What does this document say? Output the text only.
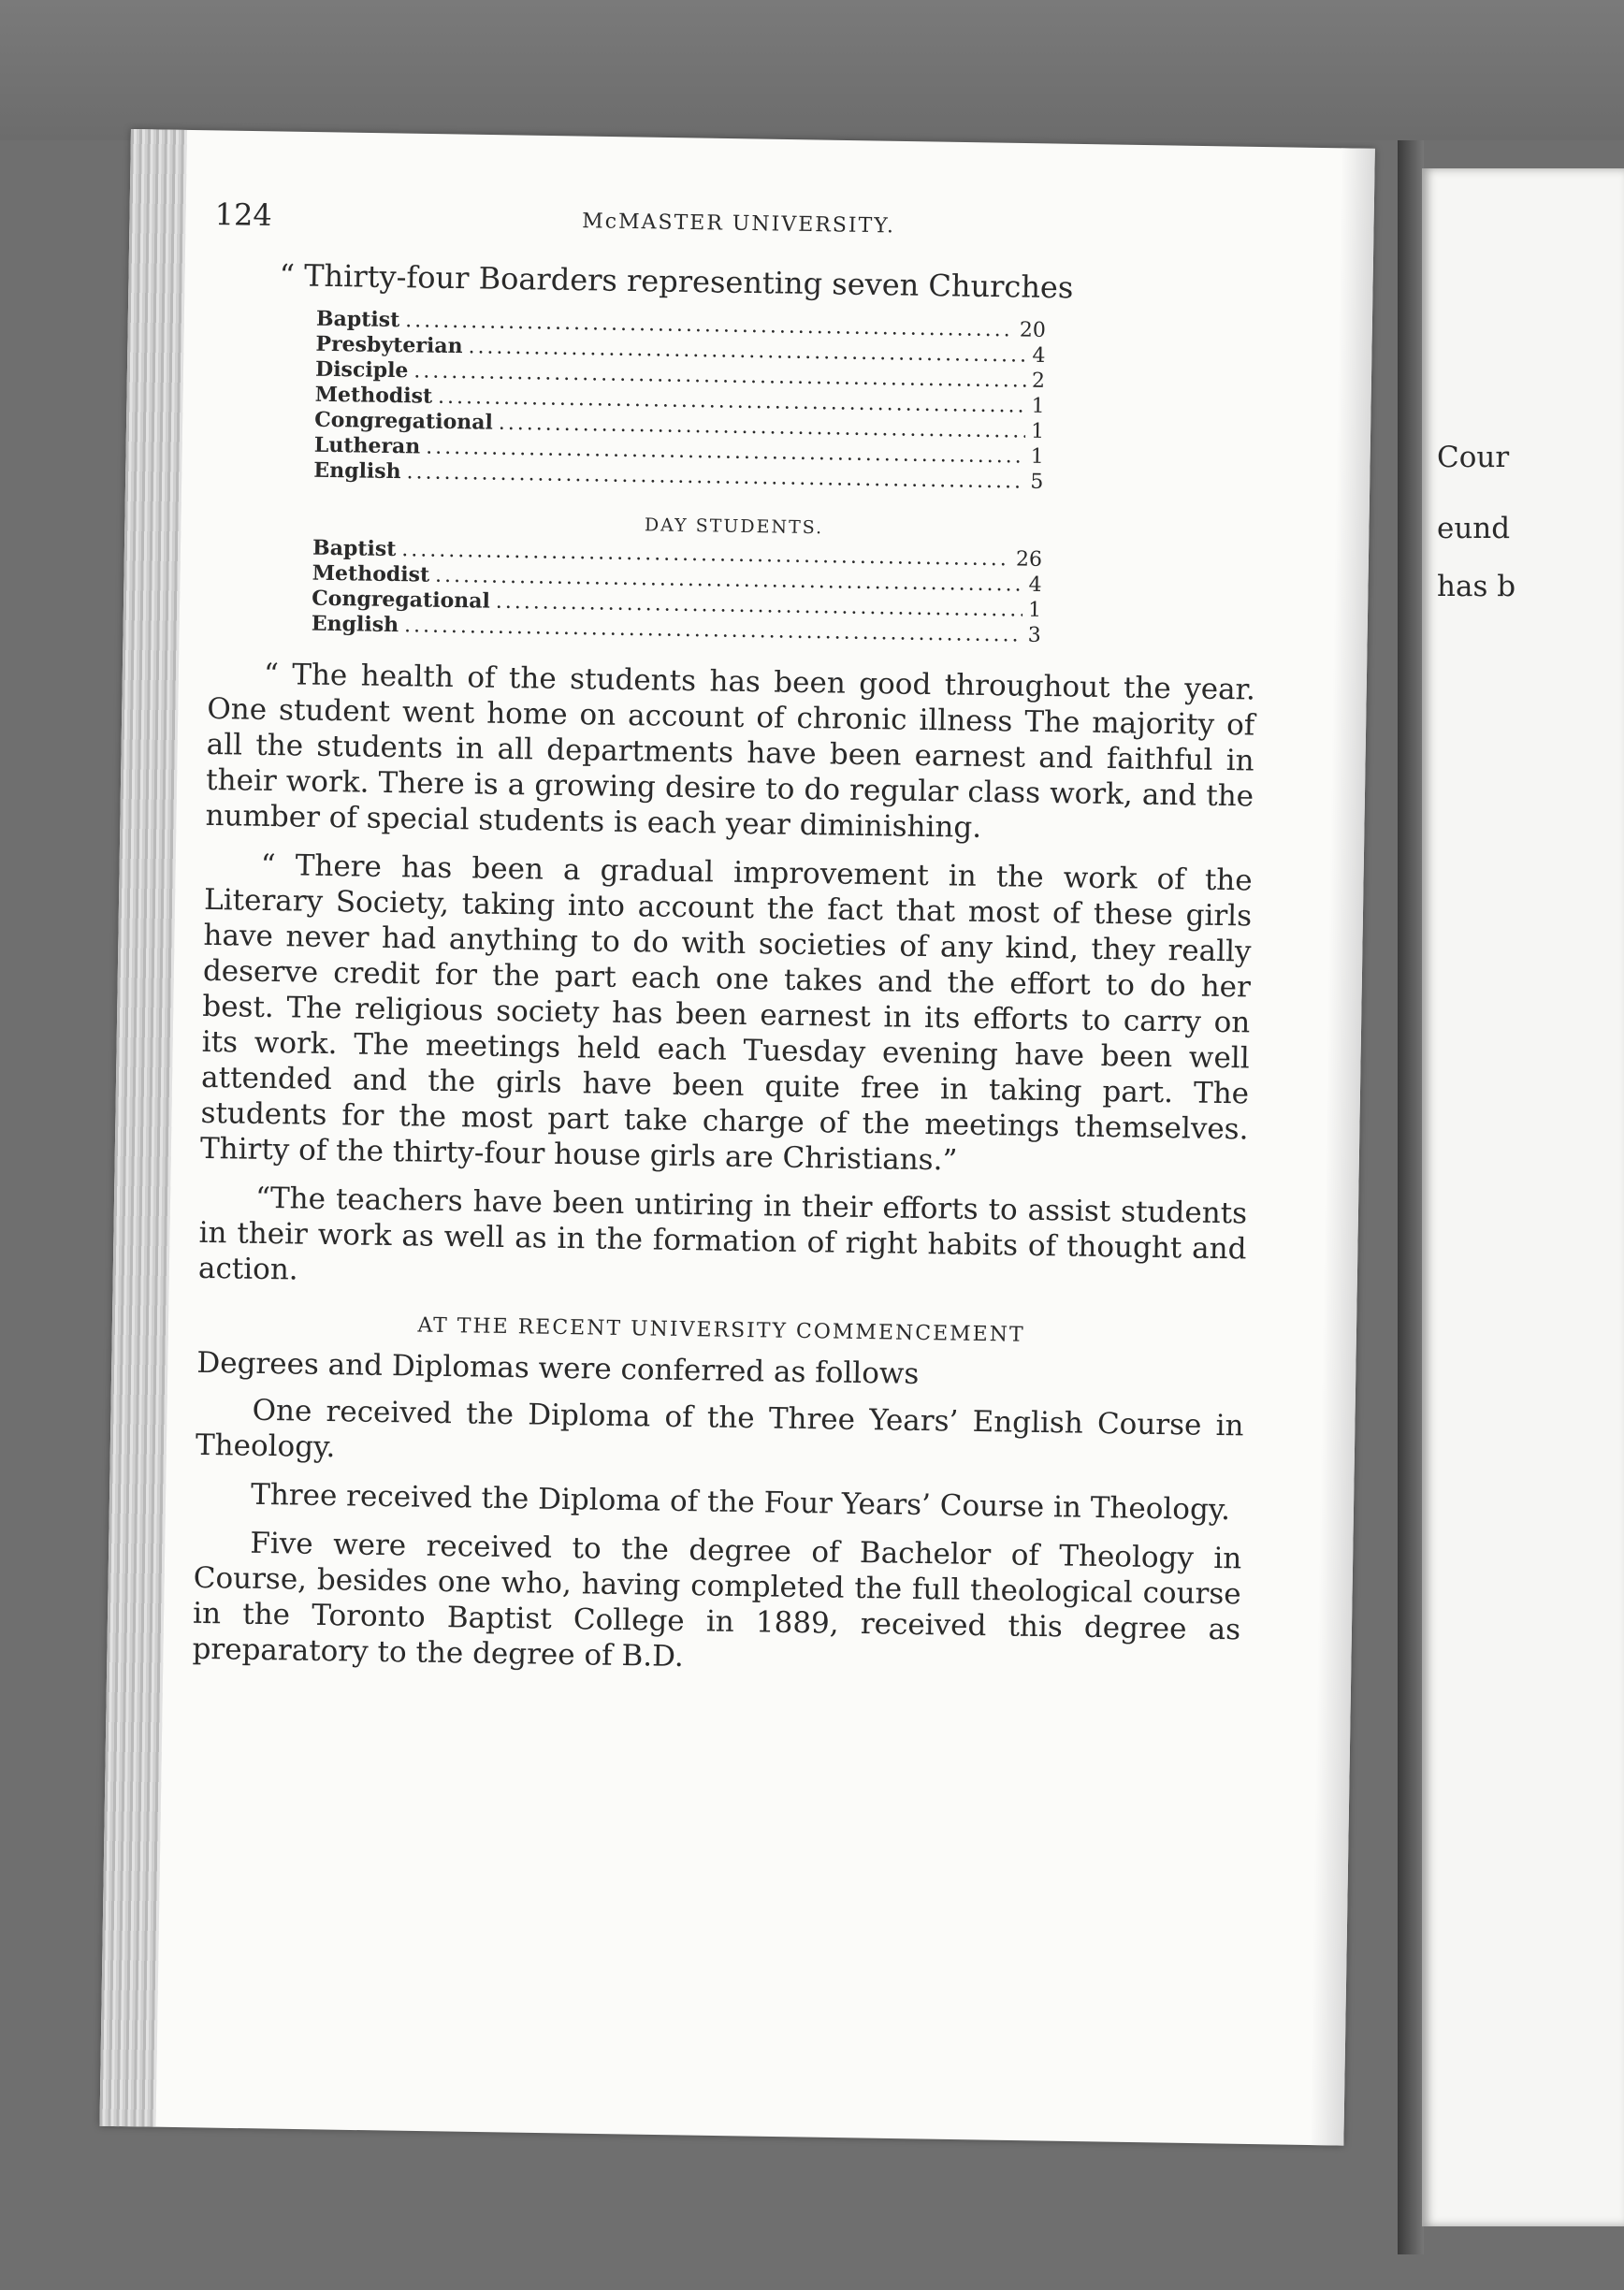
124	McMASTER UNIVERSITY.
“ Thirty-four Boarders representing seven Churches
Baptist .....	20
Presbyterian .....	4
Disciple .....	2
Methodist .....	1
Congregational .....	1
Lutheran .....	1
English .....	5
DAY STUDENTS.
Baptist .....	26
Methodist .....	4
Congregational .....	1
English .....	3

“ The health of the students has been good throughout the year. One student went home on account of chronic illness The majority of all the students in all departments have been earnest and faithful in their work. There is a growing desire to do regular class work, and the number of special students is each year diminishing.

“ There has been a gradual improvement in the work of the Literary Society, taking into account the fact that most of these girls have never had anything to do with societies of any kind, they really deserve credit for the part each one takes and the effort to do her best. The religious society has been earnest in its efforts to carry on its work. The meetings held each Tuesday evening have been well attended and the girls have been quite free in taking part. The students for the most part take charge of the meetings themselves. Thirty of the thirty-four house girls are Christians.”

“The teachers have been untiring in their efforts to assist students in their work as well as in the formation of right habits of thought and action.

AT THE RECENT UNIVERSITY COMMENCEMENT
Degrees and Diplomas were conferred as follows

One received the Diploma of the Three Years’ English Course in Theology.

Three received the Diploma of the Four Years’ Course in Theology.

Five were received to the degree of Bachelor of Theology in Course, besides one who, having completed the full theological course in the Toronto Baptist College in 1889, received this degree as preparatory to the degree of B.D.

Cour
eund
has b
